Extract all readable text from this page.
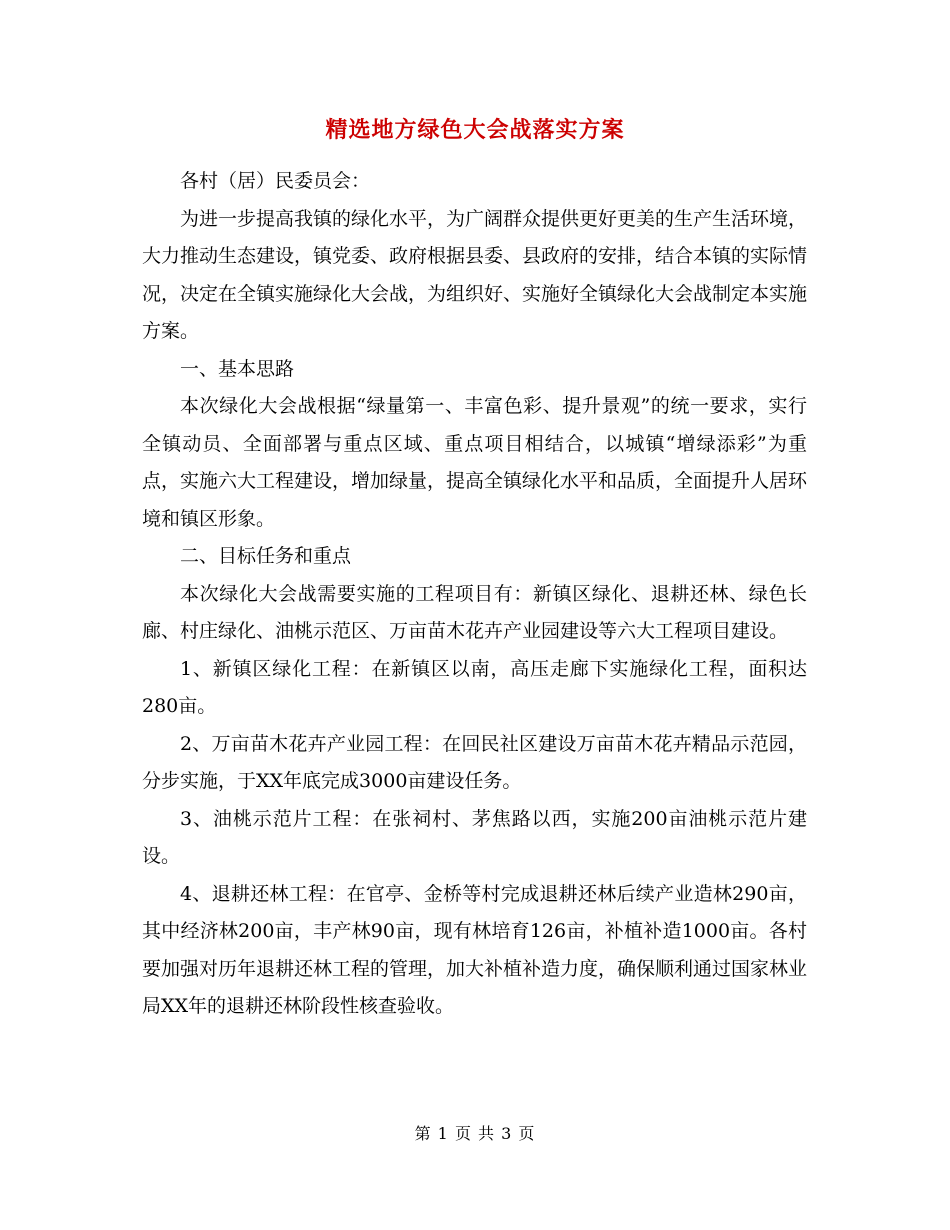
精选地方绿色大会战落实方案

各村（居）民委员会：

为进一步提高我镇的绿化水平，为广阔群众提供更好更美的生产生活环境，大力推动生态建设，镇党委、政府根据县委、县政府的安排，结合本镇的实际情况，决定在全镇实施绿化大会战，为组织好、实施好全镇绿化大会战制定本实施方案。

一、基本思路

本次绿化大会战根据“绿量第一、丰富色彩、提升景观”的统一要求，实行全镇动员、全面部署与重点区域、重点项目相结合，以城镇“增绿添彩”为重点，实施六大工程建设，增加绿量，提高全镇绿化水平和品质，全面提升人居环境和镇区形象。

二、目标任务和重点

本次绿化大会战需要实施的工程项目有：新镇区绿化、退耕还林、绿色长廊、村庄绿化、油桃示范区、万亩苗木花卉产业园建设等六大工程项目建设。

1、新镇区绿化工程：在新镇区以南，高压走廊下实施绿化工程，面积达280亩。

2、万亩苗木花卉产业园工程：在回民社区建设万亩苗木花卉精品示范园，分步实施，于XX年底完成3000亩建设任务。

3、油桃示范片工程：在张祠村、茅焦路以西，实施200亩油桃示范片建设。

4、退耕还林工程：在官亭、金桥等村完成退耕还林后续产业造林290亩，其中经济林200亩，丰产林90亩，现有林培育126亩，补植补造1000亩。各村要加强对历年退耕还林工程的管理，加大补植补造力度，确保顺利通过国家林业局XX年的退耕还林阶段性核查验收。

第 1 页 共 3 页
